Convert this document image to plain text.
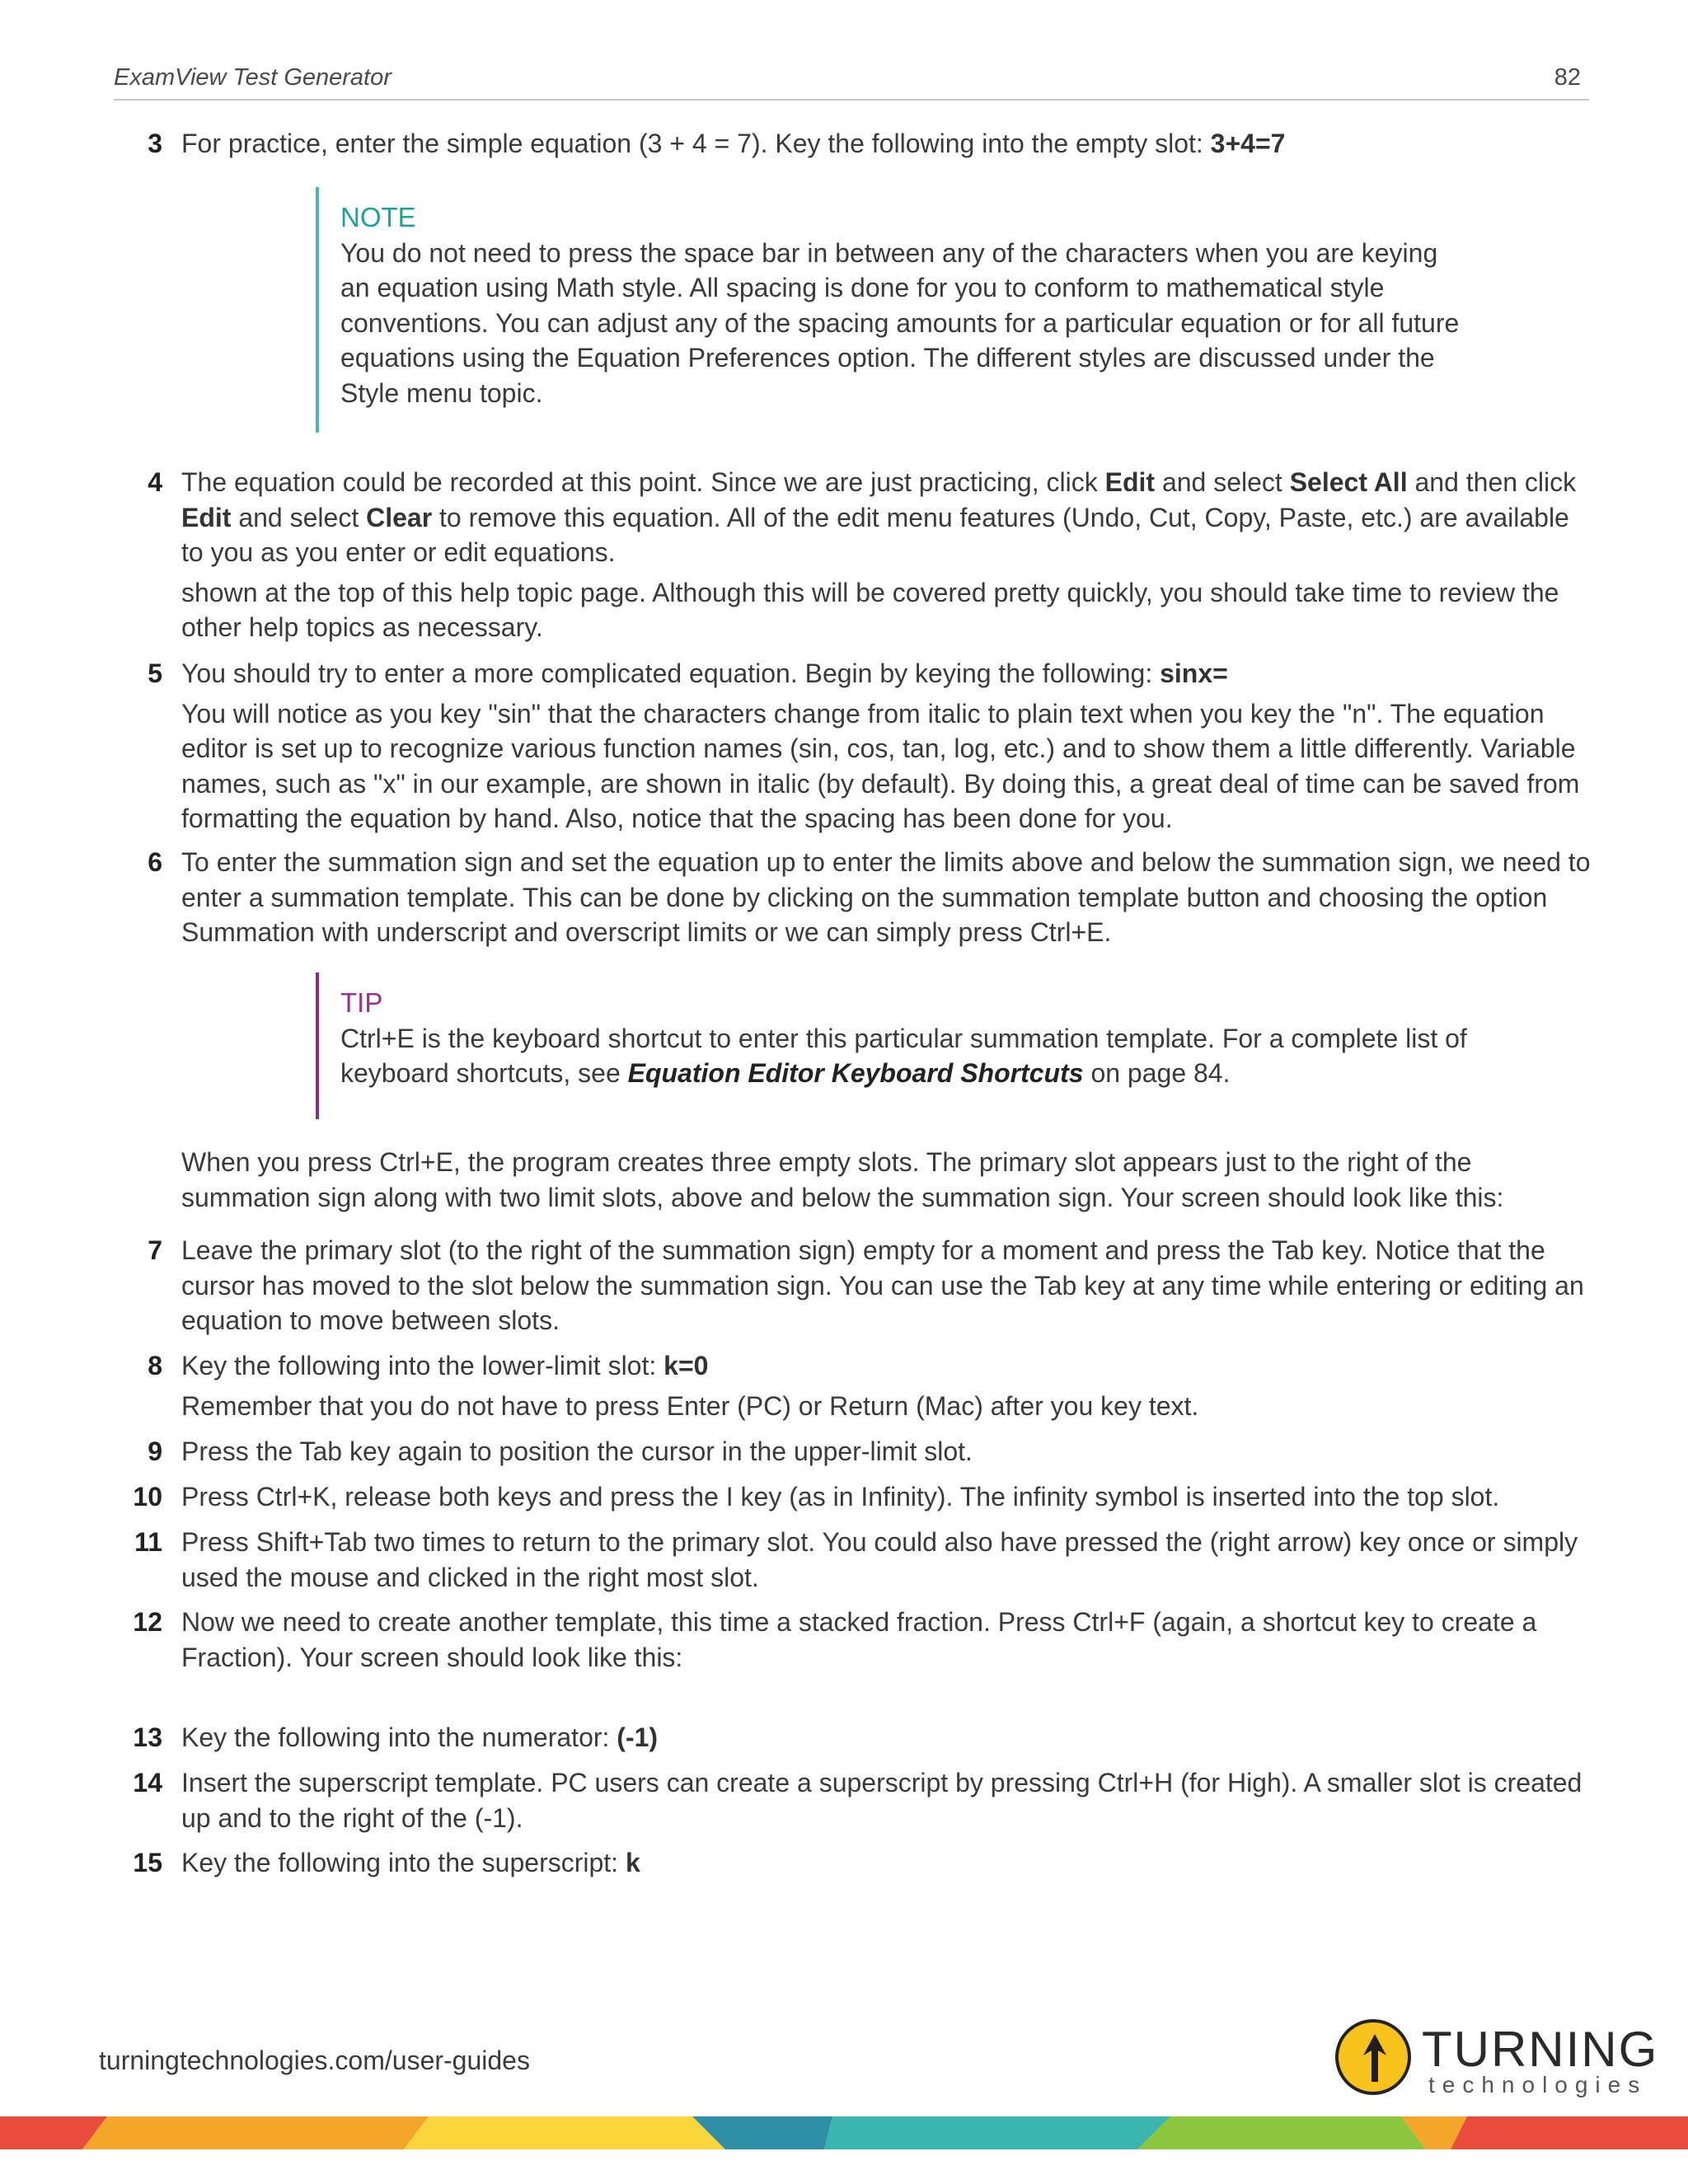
ExamView Test Generator	82
3 For practice, enter the simple equation (3 + 4 = 7). Key the following into the empty slot: 3+4=7
NOTE
You do not need to press the space bar in between any of the characters when you are keying an equation using Math style. All spacing is done for you to conform to mathematical style conventions. You can adjust any of the spacing amounts for a particular equation or for all future equations using the Equation Preferences option. The different styles are discussed under the Style menu topic.
4 The equation could be recorded at this point. Since we are just practicing, click Edit and select Select All and then click Edit and select Clear to remove this equation. All of the edit menu features (Undo, Cut, Copy, Paste, etc.) are available to you as you enter or edit equations.
shown at the top of this help topic page. Although this will be covered pretty quickly, you should take time to review the other help topics as necessary.
5 You should try to enter a more complicated equation. Begin by keying the following: sinx=
You will notice as you key "sin" that the characters change from italic to plain text when you key the "n". The equation editor is set up to recognize various function names (sin, cos, tan, log, etc.) and to show them a little differently. Variable names, such as "x" in our example, are shown in italic (by default). By doing this, a great deal of time can be saved from formatting the equation by hand. Also, notice that the spacing has been done for you.
6 To enter the summation sign and set the equation up to enter the limits above and below the summation sign, we need to enter a summation template. This can be done by clicking on the summation template button and choosing the option Summation with underscript and overscript limits or we can simply press Ctrl+E.
TIP
Ctrl+E is the keyboard shortcut to enter this particular summation template. For a complete list of keyboard shortcuts, see Equation Editor Keyboard Shortcuts on page 84.
When you press Ctrl+E, the program creates three empty slots. The primary slot appears just to the right of the summation sign along with two limit slots, above and below the summation sign. Your screen should look like this:
7 Leave the primary slot (to the right of the summation sign) empty for a moment and press the Tab key. Notice that the cursor has moved to the slot below the summation sign. You can use the Tab key at any time while entering or editing an equation to move between slots.
8 Key the following into the lower-limit slot: k=0
Remember that you do not have to press Enter (PC) or Return (Mac) after you key text.
9 Press the Tab key again to position the cursor in the upper-limit slot.
10 Press Ctrl+K, release both keys and press the I key (as in Infinity). The infinity symbol is inserted into the top slot.
11 Press Shift+Tab two times to return to the primary slot. You could also have pressed the (right arrow) key once or simply used the mouse and clicked in the right most slot.
12 Now we need to create another template, this time a stacked fraction. Press Ctrl+F (again, a shortcut key to create a Fraction). Your screen should look like this:
13 Key the following into the numerator: (-1)
14 Insert the superscript template. PC users can create a superscript by pressing Ctrl+H (for High). A smaller slot is created up and to the right of the (-1).
15 Key the following into the superscript: k
turningtechnologies.com/user-guides	TURNING
technologies
